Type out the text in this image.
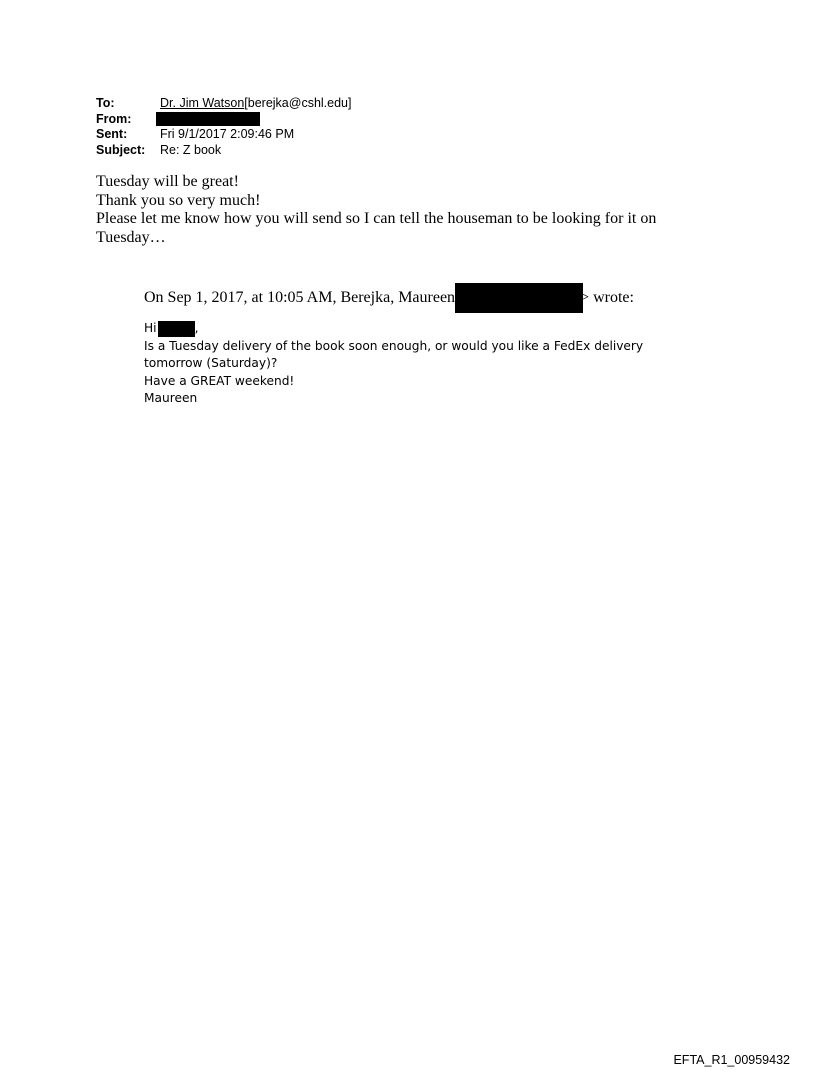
To:	Dr. Jim Watson[berejka@cshl.edu]
From:
Sent:	Fri 9/1/2017 2:09:46 PM
Subject:	Re: Z book

Tuesday will be great!

Thank you so very much!

Please let me know how you will send so I can tell the houseman to be looking for it on Tuesday…

On Sep 1, 2017, at 10:05 AM, Berejka, Maureen	> wrote:

Hi	,

Is a Tuesday delivery of the book soon enough, or would you like a FedEx delivery tomorrow (Saturday)?

Have a GREAT weekend!

Maureen

EFTA_R1_00959432
